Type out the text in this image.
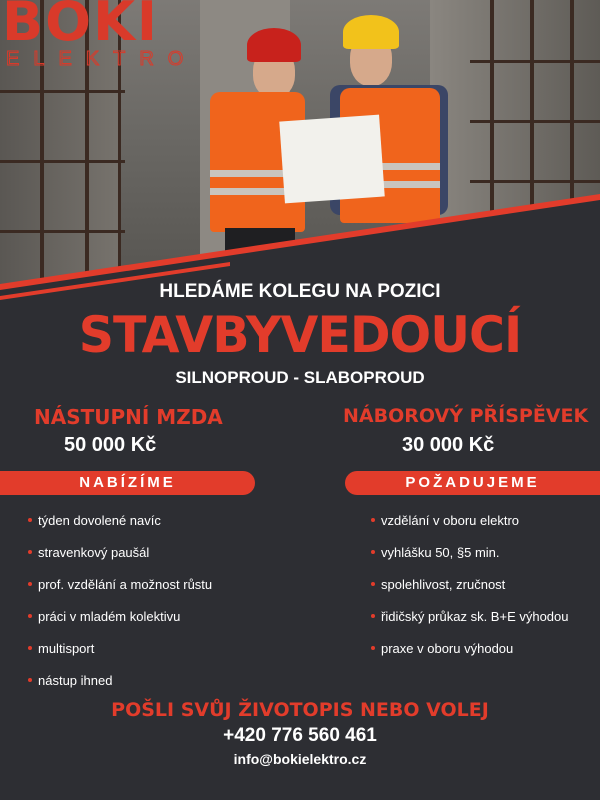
BOKI
ELEKTRO
HLEDÁME KOLEGU NA POZICI
STAVBYVEDOUCÍ
SILNOPROUD - SLABOPROUD
NÁSTUPNÍ MZDA
50 000 Kč
NÁBOROVÝ PŘÍSPĚVEK
30 000 Kč
NABÍZÍME	POŽADUJEME
týden dovolené navíc
stravenkový paušál
prof. vzdělání a možnost růstu
práci v mladém kolektivu
multisport
nástup ihned
vzdělání v oboru elektro
vyhlášku 50, §5 min.
spolehlivost, zručnost
řidičský průkaz sk. B+E výhodou
praxe v oboru výhodou
POŠLI SVŮJ ŽIVOTOPIS NEBO VOLEJ
+420 776 560 461
info@bokielektro.cz
